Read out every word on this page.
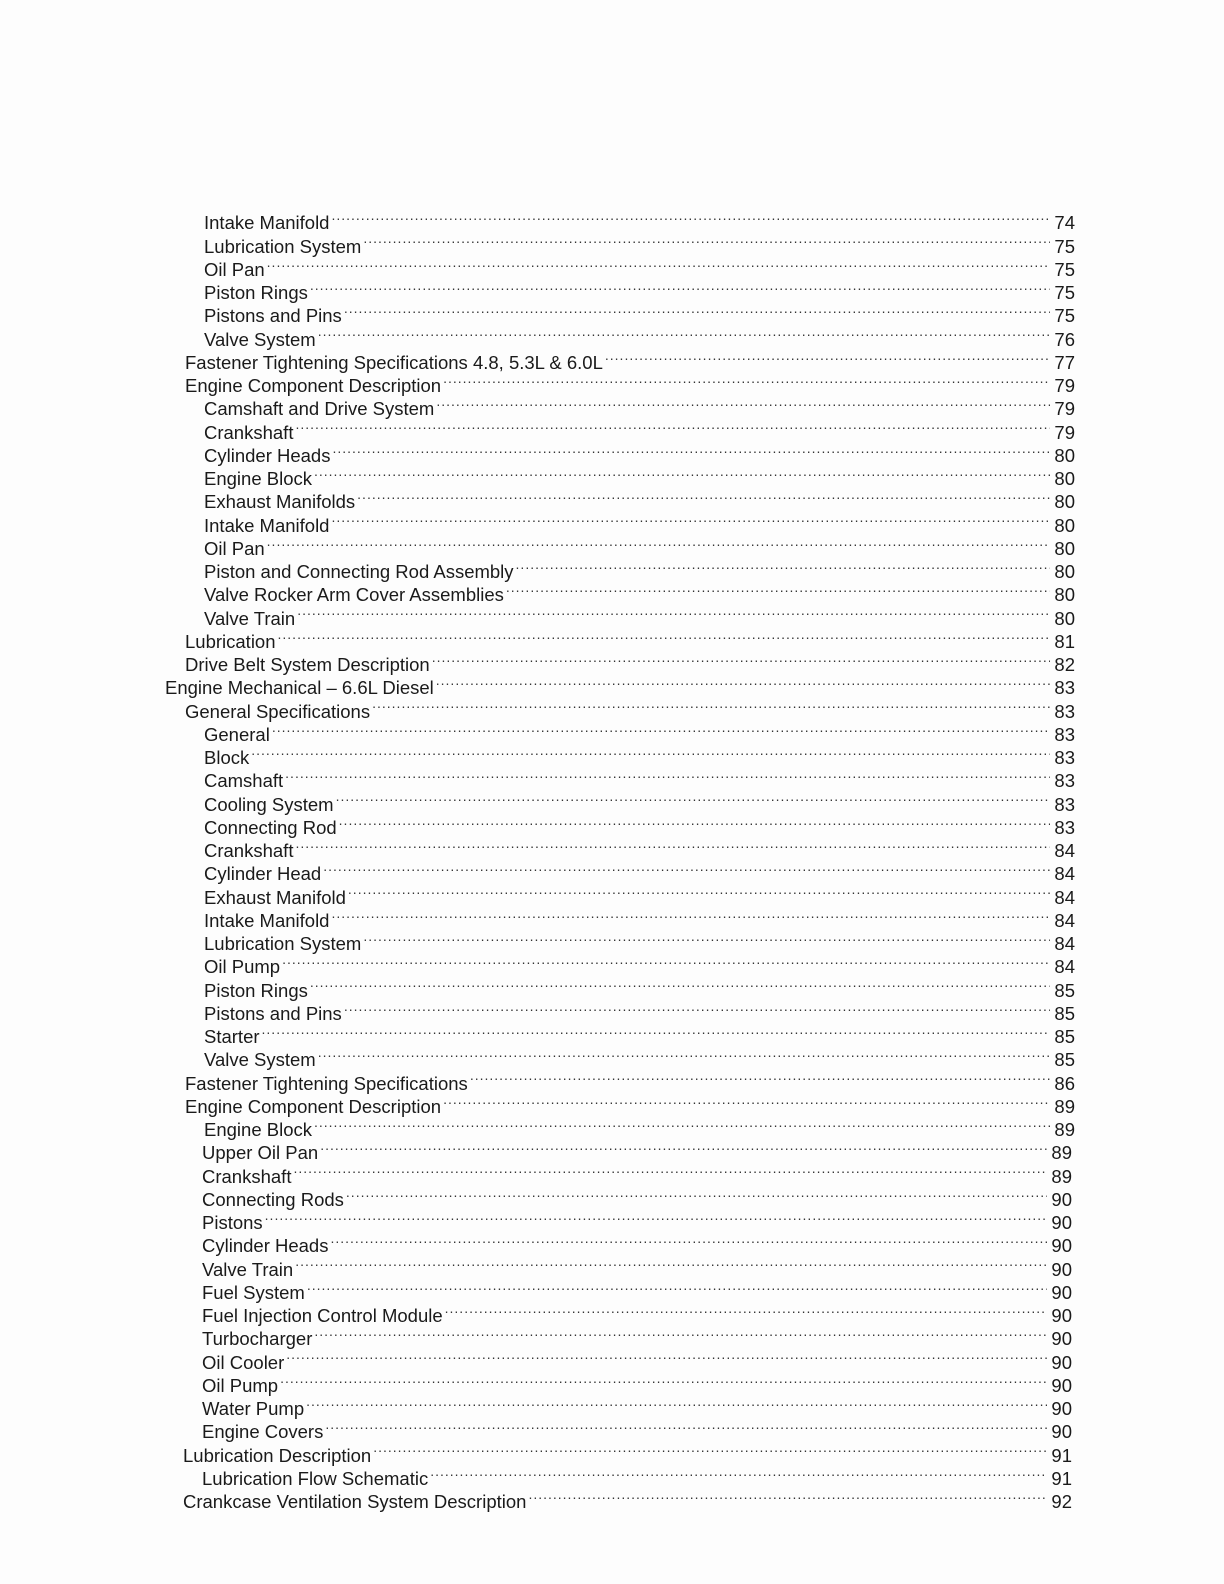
Intake Manifold .....	74
Lubrication System .....	75
Oil Pan .....	75
Piston Rings .....	75
Pistons and Pins .....	75
Valve System .....	76
Fastener Tightening Specifications 4.8, 5.3L & 6.0L .....	77
Engine Component Description .....	79
Camshaft and Drive System .....	79
Crankshaft .....	79
Cylinder Heads .....	80
Engine Block .....	80
Exhaust Manifolds .....	80
Intake Manifold .....	80
Oil Pan .....	80
Piston and Connecting Rod Assembly .....	80
Valve Rocker Arm Cover Assemblies .....	80
Valve Train .....	80
Lubrication .....	81
Drive Belt System Description .....	82
Engine Mechanical – 6.6L Diesel .....	83
General Specifications .....	83
General .....	83
Block .....	83
Camshaft .....	83
Cooling System .....	83
Connecting Rod .....	83
Crankshaft .....	84
Cylinder Head .....	84
Exhaust Manifold .....	84
Intake Manifold .....	84
Lubrication System .....	84
Oil Pump .....	84
Piston Rings .....	85
Pistons and Pins .....	85
Starter .....	85
Valve System .....	85
Fastener Tightening Specifications .....	86
Engine Component Description .....	89
Engine Block .....	89
Upper Oil Pan .....	89
Crankshaft .....	89
Connecting Rods .....	90
Pistons .....	90
Cylinder Heads .....	90
Valve Train .....	90
Fuel System .....	90
Fuel Injection Control Module .....	90
Turbocharger .....	90
Oil Cooler .....	90
Oil Pump .....	90
Water Pump .....	90
Engine Covers .....	90
Lubrication Description .....	91
Lubrication Flow Schematic .....	91
Crankcase Ventilation System Description .....	92
